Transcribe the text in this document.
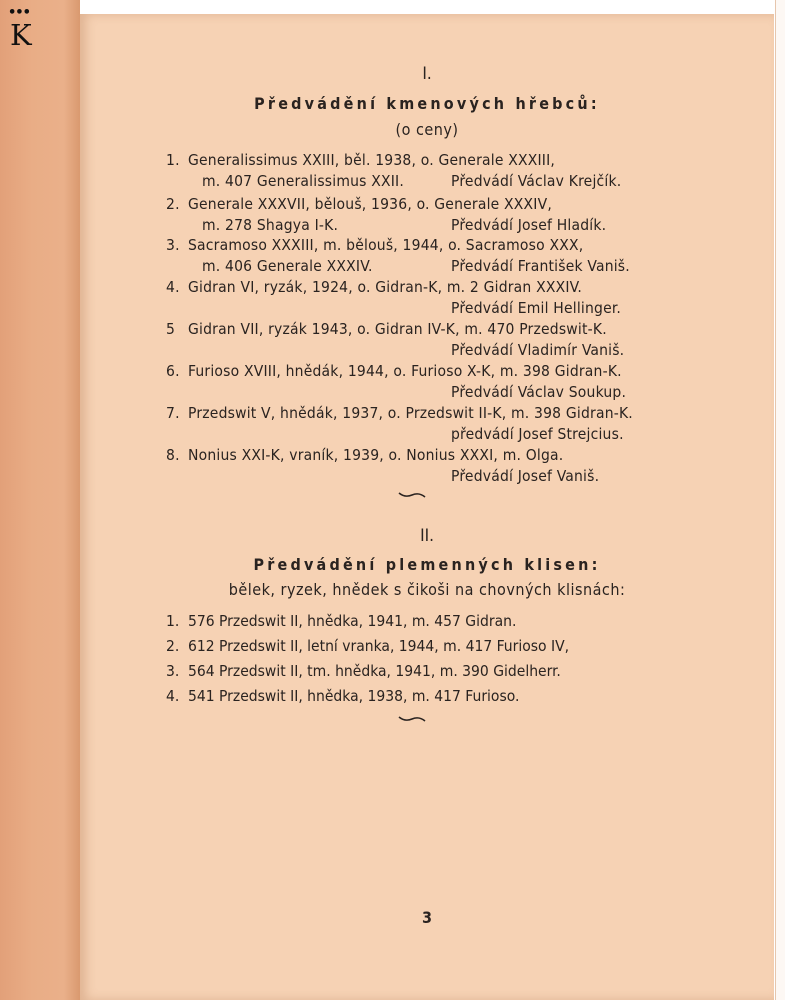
•••
K
I.
Předvádění kmenových hřebců:
(o ceny)
1. Generalissimus XXIII, běl. 1938, o. Generale XXXIII,
m. 407 Generalissimus XXII.	Předvádí Václav Krejčík.
2. Generale XXXVII, bělouš, 1936, o. Generale XXXIV,
m. 278 Shagya I-K.	Předvádí Josef Hladík.
3. Sacramoso XXXIII, m. bělouš, 1944, o. Sacramoso XXX,
m. 406 Generale XXXIV.	Předvádí František Vaniš.
4. Gidran VI, ryzák, 1924, o. Gidran-K, m. 2 Gidran XXXIV.
Předvádí Emil Hellinger.
5 Gidran VII, ryzák 1943, o. Gidran IV-K, m. 470 Przedswit-K.
Předvádí Vladimír Vaniš.
6. Furioso XVIII, hnědák, 1944, o. Furioso X-K, m. 398 Gidran-K.
Předvádí Václav Soukup.
7. Przedswit V, hnědák, 1937, o. Przedswit II-K, m. 398 Gidran-K.
předvádí Josef Strejcius.
8. Nonius XXI-K, vraník, 1939, o. Nonius XXXI, m. Olga.
Předvádí Josef Vaniš.
II.
Předvádění plemenných klisen:
bělek, ryzek, hnědek s čikoši na chovných klisnách:
1. 576 Przedswit II, hnědka, 1941, m. 457 Gidran.
2. 612 Przedswit II, letní vranka, 1944, m. 417 Furioso IV,
3. 564 Przedswit II, tm. hnědka, 1941, m. 390 Gidelherr.
4. 541 Przedswit II, hnědka, 1938, m. 417 Furioso.
3
